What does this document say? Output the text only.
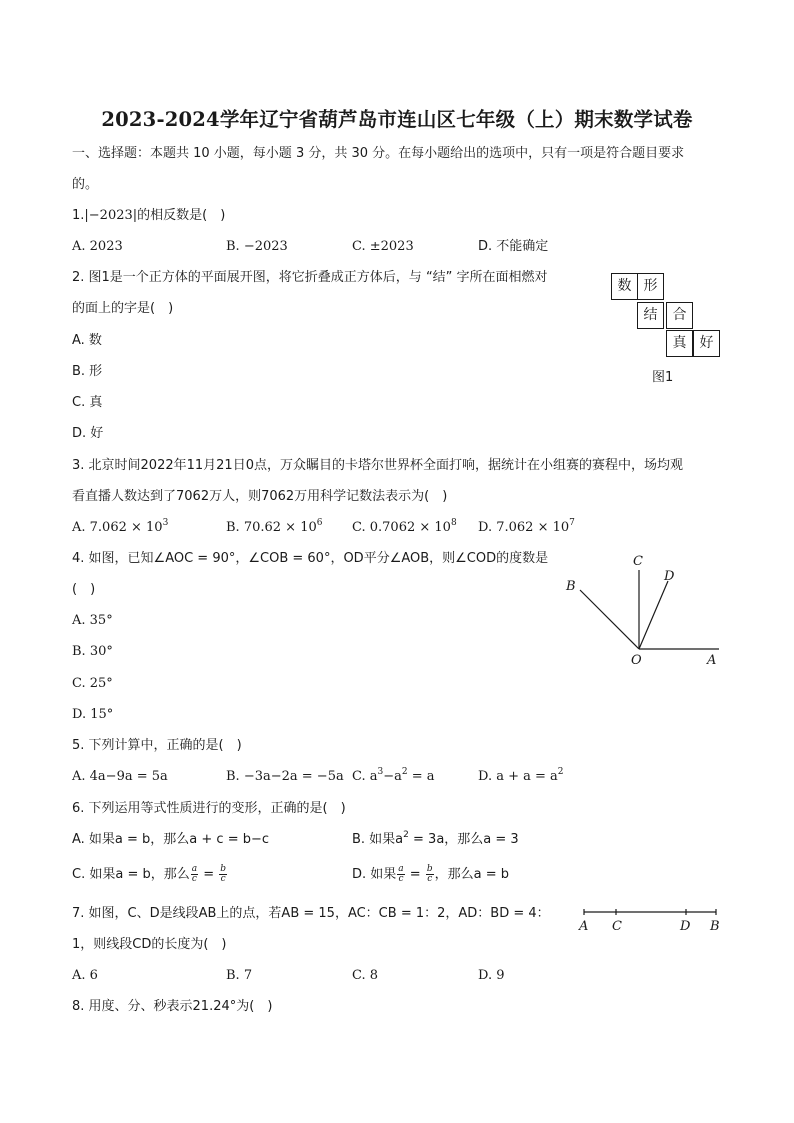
2023-2024学年辽宁省葫芦岛市连山区七年级（上）期末数学试卷
一、选择题：本题共 10 小题，每小题 3 分，共 30 分。在每小题给出的选项中，只有一项是符合题目要求
的。
1.|−2023|的相反数是(　)
A. 2023	B. −2023	C. ±2023	D. 不能确定
2. 图1是一个正方体的平面展开图，将它折叠成正方体后，与 “结” 字所在面相燃对
的面上的字是(　)
A. 数
B. 形
C. 真
D. 好
数 形
结	合
真 好
图1
3. 北京时间2022年11月21日0点，万众瞩目的卡塔尔世界杯全面打响，据统计在小组赛的赛程中，场均观
看直播人数达到了7062万人，则7062万用科学记数法表示为(　)
A. $7.062 \times 10^3$	B. $70.62 \times 10^6$ C. $0.7062 \times 10^8$ D. $7.062 \times 10^7$
4. 如图，已知∠AOC = 90°，∠COB = 60°，OD平分∠AOB，则∠COD的度数是
(　)
A. 35°
B. 30°
C. 25°
D. 15°
C
D
B
O	A
5. 下列计算中，正确的是(　)
A. 4a−9a = 5a	B. −3a−2a = −5a C. $a^3-a^2 = a$	D. $a + a = a^2$
6. 下列运用等式性质进行的变形，正确的是(　)
A. 如果a = b，那么a + c = b−c	B. 如果$a^2 = 3a$，那么a = 3
C. 如果a = b，那么 $\frac{a}{c} = \frac{b}{c}$	D. 如果 $\frac{a}{c} = \frac{b}{c}$ ，那么a = b
7. 如图，C、D是线段AB上的点，若AB = 15，AC：CB = 1：2，AD：BD = 4：
1，则线段CD的长度为(　)
A. 6	B. 7	C. 8	D. 9
A C	D B
8. 用度、分、秒表示21.24°为(　)
